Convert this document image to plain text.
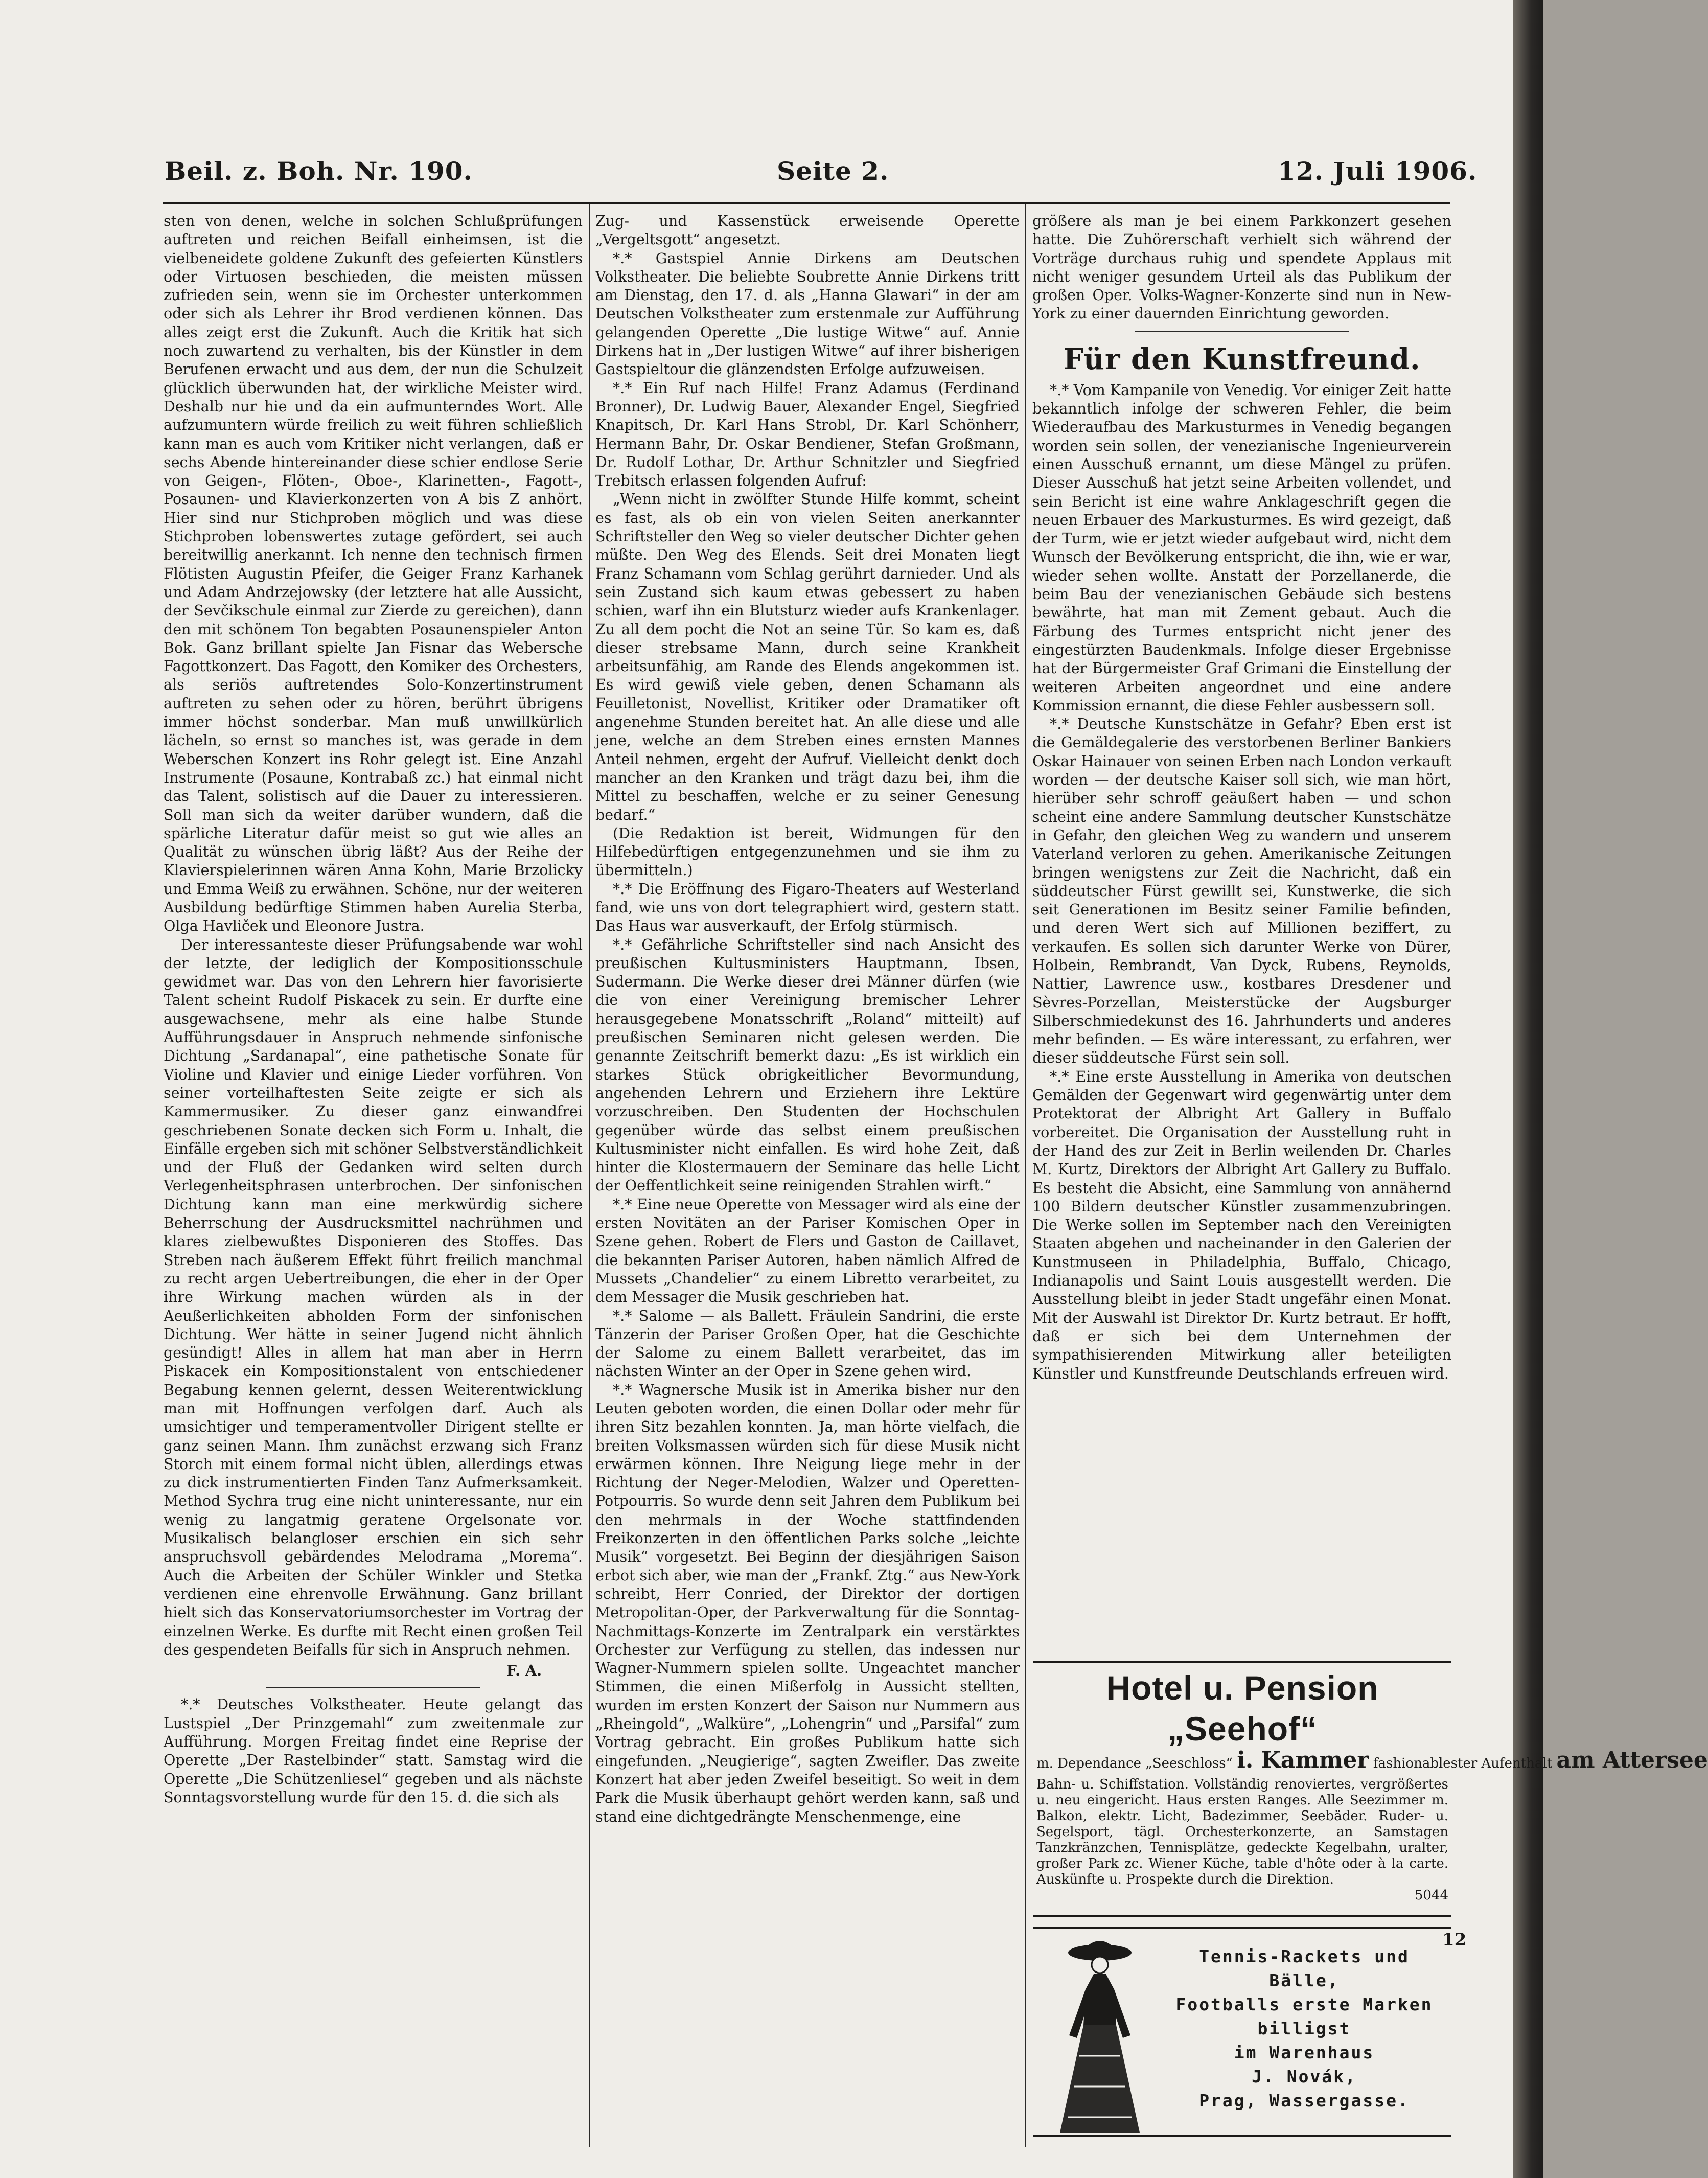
Beil. z. Boh. Nr. 190.	Seite 2.	12. Juli 1906.

sten von denen, welche in solchen Schlußprüfungen auftreten und reichen Beifall einheimsen, ist die vielbeneidete goldene Zukunft des gefeierten Künstlers oder Virtuosen beschieden, die meisten müssen zufrieden sein, wenn sie im Orchester unterkommen oder sich als Lehrer ihr Brod verdienen können. Das alles zeigt erst die Zukunft. Auch die Kritik hat sich noch zuwartend zu verhalten, bis der Künstler in dem Berufenen erwacht und aus dem, der nun die Schulzeit glücklich überwunden hat, der wirkliche Meister wird. Deshalb nur hie und da ein aufmunterndes Wort. Alle aufzumuntern würde freilich zu weit führen schließlich kann man es auch vom Kritiker nicht verlangen, daß er sechs Abende hintereinander diese schier endlose Serie von Geigen-, Flöten-, Oboe-, Klarinetten-, Fagott-, Posaunen- und Klavierkonzerten von A bis Z anhört. Hier sind nur Stichproben möglich und was diese Stichproben lobenswertes zutage gefördert, sei auch bereitwillig anerkannt. Ich nenne den technisch firmen Flötisten Augustin Pfeifer, die Geiger Franz Karhanek und Adam Andrzejowsky (der letztere hat alle Aussicht, der Sevčikschule einmal zur Zierde zu gereichen), dann den mit schönem Ton begabten Posaunenspieler Anton Bok. Ganz brillant spielte Jan Fisnar das Webersche Fagottkonzert. Das Fagott, den Komiker des Orchesters, als seriös auftretendes Solo-Konzertinstrument auftreten zu sehen oder zu hören, berührt übrigens immer höchst sonderbar. Man muß unwillkürlich lächeln, so ernst so manches ist, was gerade in dem Weberschen Konzert ins Rohr gelegt ist. Eine Anzahl Instrumente (Posaune, Kontrabaß zc.) hat einmal nicht das Talent, solistisch auf die Dauer zu interessieren. Soll man sich da weiter darüber wundern, daß die spärliche Literatur dafür meist so gut wie alles an Qualität zu wünschen übrig läßt? Aus der Reihe der Klavierspielerinnen wären Anna Kohn, Marie Brzolicky und Emma Weiß zu erwähnen. Schöne, nur der weiteren Ausbildung bedürftige Stimmen haben Aurelia Sterba, Olga Havliček und Eleonore Justra.

Der interessanteste dieser Prüfungsabende war wohl der letzte, der lediglich der Kompositionsschule gewidmet war. Das von den Lehrern hier favorisierte Talent scheint Rudolf Piskacek zu sein. Er durfte eine ausgewachsene, mehr als eine halbe Stunde Aufführungsdauer in Anspruch nehmende sinfonische Dichtung „Sardanapal“, eine pathetische Sonate für Violine und Klavier und einige Lieder vorführen. Von seiner vorteilhaftesten Seite zeigte er sich als Kammermusiker. Zu dieser ganz einwandfrei geschriebenen Sonate decken sich Form u. Inhalt, die Einfälle ergeben sich mit schöner Selbstverständlichkeit und der Fluß der Gedanken wird selten durch Verlegenheitsphrasen unterbrochen. Der sinfonischen Dichtung kann man eine merkwürdig sichere Beherrschung der Ausdrucksmittel nachrühmen und klares zielbewußtes Disponieren des Stoffes. Das Streben nach äußerem Effekt führt freilich manchmal zu recht argen Uebertreibungen, die eher in der Oper ihre Wirkung machen würden als in der Aeußerlichkeiten abholden Form der sinfonischen Dichtung. Wer hätte in seiner Jugend nicht ähnlich gesündigt! Alles in allem hat man aber in Herrn Piskacek ein Kompositionstalent von entschiedener Begabung kennen gelernt, dessen Weiterentwicklung man mit Hoffnungen verfolgen darf. Auch als umsichtiger und temperamentvoller Dirigent stellte er ganz seinen Mann. Ihm zunächst erzwang sich Franz Storch mit einem formal nicht üblen, allerdings etwas zu dick instrumentierten Finden Tanz Aufmerksamkeit. Method Sychra trug eine nicht uninteressante, nur ein wenig zu langatmig geratene Orgelsonate vor. Musikalisch belangloser erschien ein sich sehr anspruchsvoll gebärdendes Melodrama „Morema“. Auch die Arbeiten der Schüler Winkler und Stetka verdienen eine ehrenvolle Erwähnung. Ganz brillant hielt sich das Konservatoriumsorchester im Vortrag der einzelnen Werke. Es durfte mit Recht einen großen Teil des gespendeten Beifalls für sich in Anspruch nehmen.

F. A.

*.* Deutsches Volkstheater. Heute gelangt das Lustspiel „Der Prinzgemahl“ zum zweitenmale zur Aufführung. Morgen Freitag findet eine Reprise der Operette „Der Rastelbinder“ statt. Samstag wird die Operette „Die Schützenliesel“ gegeben und als nächste Sonntagsvorstellung wurde für den 15. d. die sich als

Zug- und Kassenstück erweisende Operette „Vergeltsgott“ angesetzt.

*.* Gastspiel Annie Dirkens am Deutschen Volkstheater. Die beliebte Soubrette Annie Dirkens tritt am Dienstag, den 17. d. als „Hanna Glawari“ in der am Deutschen Volkstheater zum erstenmale zur Aufführung gelangenden Operette „Die lustige Witwe“ auf. Annie Dirkens hat in „Der lustigen Witwe“ auf ihrer bisherigen Gastspieltour die glänzendsten Erfolge aufzuweisen.

*.* Ein Ruf nach Hilfe! Franz Adamus (Ferdinand Bronner), Dr. Ludwig Bauer, Alexander Engel, Siegfried Knapitsch, Dr. Karl Hans Strobl, Dr. Karl Schönherr, Hermann Bahr, Dr. Oskar Bendiener, Stefan Großmann, Dr. Rudolf Lothar, Dr. Arthur Schnitzler und Siegfried Trebitsch erlassen folgenden Aufruf:

„Wenn nicht in zwölfter Stunde Hilfe kommt, scheint es fast, als ob ein von vielen Seiten anerkannter Schriftsteller den Weg so vieler deutscher Dichter gehen müßte. Den Weg des Elends. Seit drei Monaten liegt Franz Schamann vom Schlag gerührt darnieder. Und als sein Zustand sich kaum etwas gebessert zu haben schien, warf ihn ein Blutsturz wieder aufs Krankenlager. Zu all dem pocht die Not an seine Tür. So kam es, daß dieser strebsame Mann, durch seine Krankheit arbeitsunfähig, am Rande des Elends angekommen ist. Es wird gewiß viele geben, denen Schamann als Feuilletonist, Novellist, Kritiker oder Dramatiker oft angenehme Stunden bereitet hat. An alle diese und alle jene, welche an dem Streben eines ernsten Mannes Anteil nehmen, ergeht der Aufruf. Vielleicht denkt doch mancher an den Kranken und trägt dazu bei, ihm die Mittel zu beschaffen, welche er zu seiner Genesung bedarf.“

(Die Redaktion ist bereit, Widmungen für den Hilfebedürftigen entgegenzunehmen und sie ihm zu übermitteln.)

*.* Die Eröffnung des Figaro-Theaters auf Westerland fand, wie uns von dort telegraphiert wird, gestern statt. Das Haus war ausverkauft, der Erfolg stürmisch.

*.* Gefährliche Schriftsteller sind nach Ansicht des preußischen Kultusministers Hauptmann, Ibsen, Sudermann. Die Werke dieser drei Männer dürfen (wie die von einer Vereinigung bremischer Lehrer herausgegebene Monatsschrift „Roland“ mitteilt) auf preußischen Seminaren nicht gelesen werden. Die genannte Zeitschrift bemerkt dazu: „Es ist wirklich ein starkes Stück obrigkeitlicher Bevormundung, angehenden Lehrern und Erziehern ihre Lektüre vorzuschreiben. Den Studenten der Hochschulen gegenüber würde das selbst einem preußischen Kultusminister nicht einfallen. Es wird hohe Zeit, daß hinter die Klostermauern der Seminare das helle Licht der Oeffentlichkeit seine reinigenden Strahlen wirft.“

*.* Eine neue Operette von Messager wird als eine der ersten Novitäten an der Pariser Komischen Oper in Szene gehen. Robert de Flers und Gaston de Caillavet, die bekannten Pariser Autoren, haben nämlich Alfred de Mussets „Chandelier“ zu einem Libretto verarbeitet, zu dem Messager die Musik geschrieben hat.

*.* Salome — als Ballett. Fräulein Sandrini, die erste Tänzerin der Pariser Großen Oper, hat die Geschichte der Salome zu einem Ballett verarbeitet, das im nächsten Winter an der Oper in Szene gehen wird.

*.* Wagnersche Musik ist in Amerika bisher nur den Leuten geboten worden, die einen Dollar oder mehr für ihren Sitz bezahlen konnten. Ja, man hörte vielfach, die breiten Volksmassen würden sich für diese Musik nicht erwärmen können. Ihre Neigung liege mehr in der Richtung der Neger-Melodien, Walzer und Operetten-Potpourris. So wurde denn seit Jahren dem Publikum bei den mehrmals in der Woche stattfindenden Freikonzerten in den öffentlichen Parks solche „leichte Musik“ vorgesetzt. Bei Beginn der diesjährigen Saison erbot sich aber, wie man der „Frankf. Ztg.“ aus New-York schreibt, Herr Conried, der Direktor der dortigen Metropolitan-Oper, der Parkverwaltung für die Sonntag-Nachmittags-Konzerte im Zentralpark ein verstärktes Orchester zur Verfügung zu stellen, das indessen nur Wagner-Nummern spielen sollte. Ungeachtet mancher Stimmen, die einen Mißerfolg in Aussicht stellten, wurden im ersten Konzert der Saison nur Nummern aus „Rheingold“, „Walküre“, „Lohengrin“ und „Parsifal“ zum Vortrag gebracht. Ein großes Publikum hatte sich eingefunden. „Neugierige“, sagten Zweifler. Das zweite Konzert hat aber jeden Zweifel beseitigt. So weit in dem Park die Musik überhaupt gehört werden kann, saß und stand eine dichtgedrängte Menschenmenge, eine

größere als man je bei einem Parkkonzert gesehen hatte. Die Zuhörerschaft verhielt sich während der Vorträge durchaus ruhig und spendete Applaus mit nicht weniger gesundem Urteil als das Publikum der großen Oper. Volks-Wagner-Konzerte sind nun in New-York zu einer dauernden Einrichtung geworden.

Für den Kunstfreund.

*.* Vom Kampanile von Venedig. Vor einiger Zeit hatte bekanntlich infolge der schweren Fehler, die beim Wiederaufbau des Markusturmes in Venedig begangen worden sein sollen, der venezianische Ingenieurverein einen Ausschuß ernannt, um diese Mängel zu prüfen. Dieser Ausschuß hat jetzt seine Arbeiten vollendet, und sein Bericht ist eine wahre Anklageschrift gegen die neuen Erbauer des Markusturmes. Es wird gezeigt, daß der Turm, wie er jetzt wieder aufgebaut wird, nicht dem Wunsch der Bevölkerung entspricht, die ihn, wie er war, wieder sehen wollte. Anstatt der Porzellanerde, die beim Bau der venezianischen Gebäude sich bestens bewährte, hat man mit Zement gebaut. Auch die Färbung des Turmes entspricht nicht jener des eingestürzten Baudenkmals. Infolge dieser Ergebnisse hat der Bürgermeister Graf Grimani die Einstellung der weiteren Arbeiten angeordnet und eine andere Kommission ernannt, die diese Fehler ausbessern soll.

*.* Deutsche Kunstschätze in Gefahr? Eben erst ist die Gemäldegalerie des verstorbenen Berliner Bankiers Oskar Hainauer von seinen Erben nach London verkauft worden — der deutsche Kaiser soll sich, wie man hört, hierüber sehr schroff geäußert haben — und schon scheint eine andere Sammlung deutscher Kunstschätze in Gefahr, den gleichen Weg zu wandern und unserem Vaterland verloren zu gehen. Amerikanische Zeitungen bringen wenigstens zur Zeit die Nachricht, daß ein süddeutscher Fürst gewillt sei, Kunstwerke, die sich seit Generationen im Besitz seiner Familie befinden, und deren Wert sich auf Millionen beziffert, zu verkaufen. Es sollen sich darunter Werke von Dürer, Holbein, Rembrandt, Van Dyck, Rubens, Reynolds, Nattier, Lawrence usw., kostbares Dresdener und Sèvres-Porzellan, Meisterstücke der Augsburger Silberschmiedekunst des 16. Jahrhunderts und anderes mehr befinden. — Es wäre interessant, zu erfahren, wer dieser süddeutsche Fürst sein soll.

*.* Eine erste Ausstellung in Amerika von deutschen Gemälden der Gegenwart wird gegenwärtig unter dem Protektorat der Albright Art Gallery in Buffalo vorbereitet. Die Organisation der Ausstellung ruht in der Hand des zur Zeit in Berlin weilenden Dr. Charles M. Kurtz, Direktors der Albright Art Gallery zu Buffalo. Es besteht die Absicht, eine Sammlung von annähernd 100 Bildern deutscher Künstler zusammenzubringen. Die Werke sollen im September nach den Vereinigten Staaten abgehen und nacheinander in den Galerien der Kunstmuseen in Philadelphia, Buffalo, Chicago, Indianapolis und Saint Louis ausgestellt werden. Die Ausstellung bleibt in jeder Stadt ungefähr einen Monat. Mit der Auswahl ist Direktor Dr. Kurtz betraut. Er hofft, daß er sich bei dem Unternehmen der sympathisierenden Mitwirkung aller beteiligten Künstler und Kunstfreunde Deutschlands erfreuen wird.

Hotel u. Pension „Seehof“
m. Dependance „Seeschloss“ i. Kammer fashionablester Aufenthalt am Attersee
Bahn- u. Schiffstation. Vollständig renoviertes, vergrößertes u. neu eingericht. Haus ersten Ranges. Alle Seezimmer m. Balkon, elektr. Licht, Badezimmer, Seebäder. Ruder- u. Segelsport, tägl. Orchesterkonzerte, an Samstagen Tanzkränzchen, Tennisplätze, gedeckte Kegelbahn, uralter, großer Park zc. Wiener Küche, table d'hôte oder à la carte. Auskünfte u. Prospekte durch die Direktion.
5044
Tennis-Rackets und Bälle,
Footballs erste Marken
billigst
im Warenhaus
J. Novák,
Prag, Wassergasse.
12
